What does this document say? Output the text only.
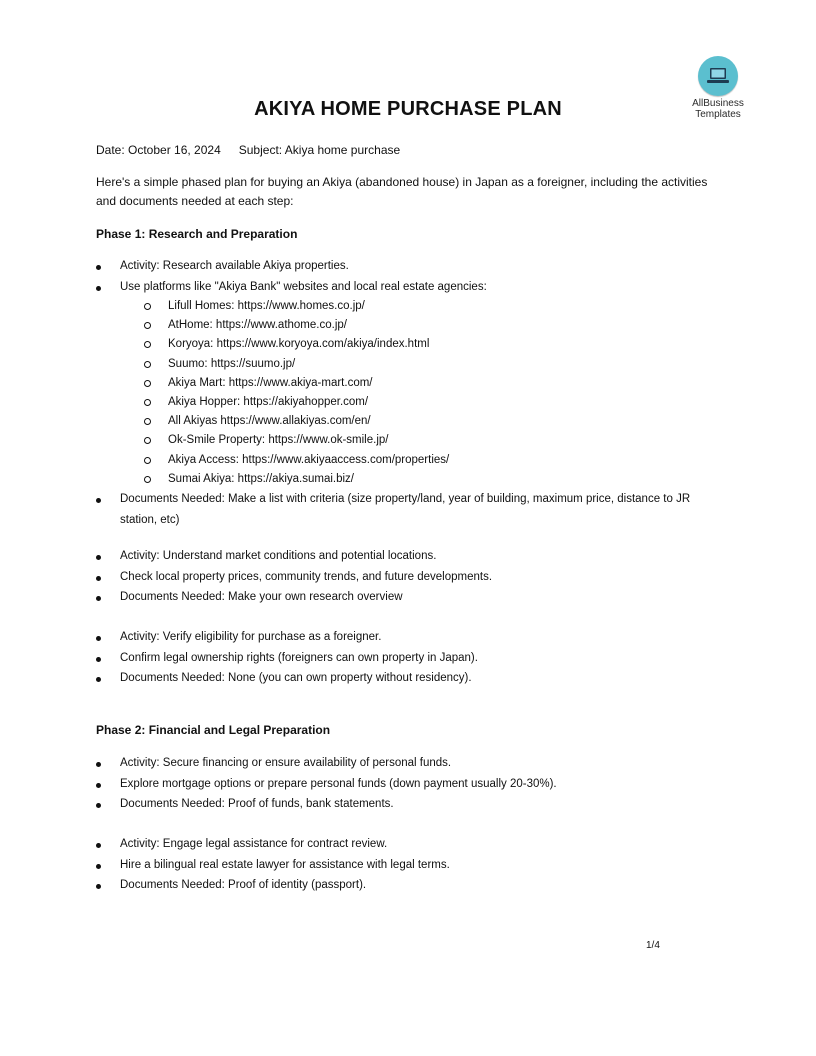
AllBusiness
Templates
AKIYA HOME PURCHASE PLAN
Date: October 16, 2024 Subject: Akiya home purchase

Here's a simple phased plan for buying an Akiya (abandoned house) in Japan as a foreigner, including the activities and documents needed at each step:

Phase 1: Research and Preparation

Activity: Research available Akiya properties.
Use platforms like "Akiya Bank" websites and local real estate agencies:
Lifull Homes: https://www.homes.co.jp/
AtHome: https://www.athome.co.jp/
Koryoya: https://www.koryoya.com/akiya/index.html
Suumo: https://suumo.jp/
Akiya Mart: https://www.akiya-mart.com/
Akiya Hopper: https://akiyahopper.com/
All Akiyas https://www.allakiyas.com/en/
Ok-Smile Property: https://www.ok-smile.jp/
Akiya Access: https://www.akiyaaccess.com/properties/
Sumai Akiya: https://akiya.sumai.biz/
Documents Needed: Make a list with criteria (size property/land, year of building, maximum price, distance to JR station, etc)
Activity: Understand market conditions and potential locations.
Check local property prices, community trends, and future developments.
Documents Needed: Make your own research overview
Activity: Verify eligibility for purchase as a foreigner.
Confirm legal ownership rights (foreigners can own property in Japan).
Documents Needed: None (you can own property without residency).

Phase 2: Financial and Legal Preparation

Activity: Secure financing or ensure availability of personal funds.
Explore mortgage options or prepare personal funds (down payment usually 20-30%).
Documents Needed: Proof of funds, bank statements.
Activity: Engage legal assistance for contract review.
Hire a bilingual real estate lawyer for assistance with legal terms.
Documents Needed: Proof of identity (passport).
1/4
